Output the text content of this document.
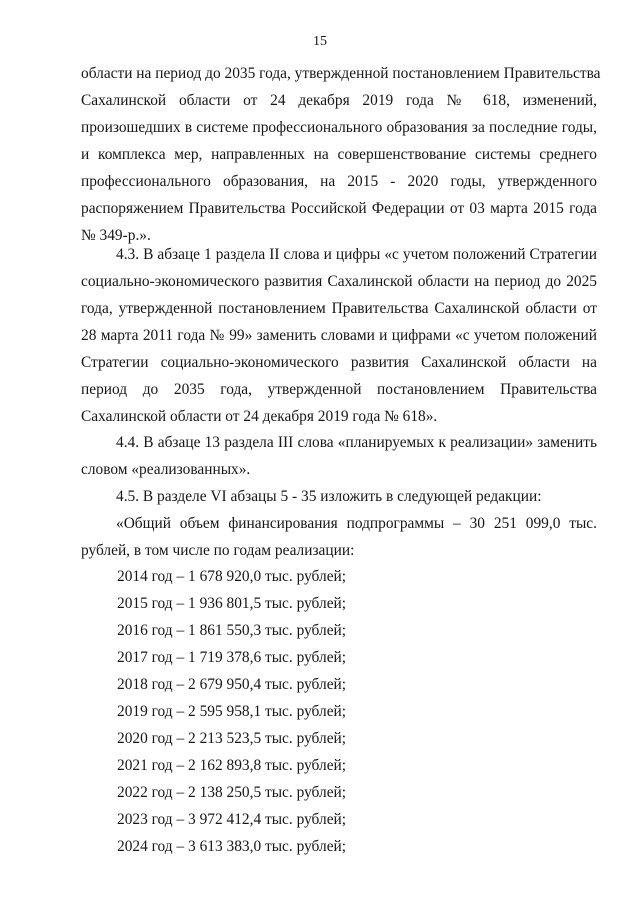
15
области на период до 2035 года, утвержденной постановлением Правительства
Сахалинской области от 24 декабря 2019 года № 618, изменений,
произошедших в системе профессионального образования за последние годы,
и комплекса мер, направленных на совершенствование системы среднего
профессионального образования, на 2015 - 2020 годы, утвержденного
распоряжением Правительства Российской Федерации от 03 марта 2015 года
№ 349-р.».
4.3. В абзаце 1 раздела II слова и цифры «с учетом положений Стратегии
социально-экономического развития Сахалинской области на период до 2025
года, утвержденной постановлением Правительства Сахалинской области от
28 марта 2011 года № 99» заменить словами и цифрами «с учетом положений
Стратегии социально-экономического развития Сахалинской области на
период до 2035 года, утвержденной постановлением Правительства
Сахалинской области от 24 декабря 2019 года № 618».
4.4. В абзаце 13 раздела III слова «планируемых к реализации» заменить
словом «реализованных».
4.5. В разделе VI абзацы 5 - 35 изложить в следующей редакции:
«Общий объем финансирования подпрограммы – 30 251 099,0 тыс.
рублей, в том числе по годам реализации:
2014 год – 1 678 920,0 тыс. рублей;
2015 год – 1 936 801,5 тыс. рублей;
2016 год – 1 861 550,3 тыс. рублей;
2017 год – 1 719 378,6 тыс. рублей;
2018 год – 2 679 950,4 тыс. рублей;
2019 год – 2 595 958,1 тыс. рублей;
2020 год – 2 213 523,5 тыс. рублей;
2021 год – 2 162 893,8 тыс. рублей;
2022 год – 2 138 250,5 тыс. рублей;
2023 год – 3 972 412,4 тыс. рублей;
2024 год – 3 613 383,0 тыс. рублей;
